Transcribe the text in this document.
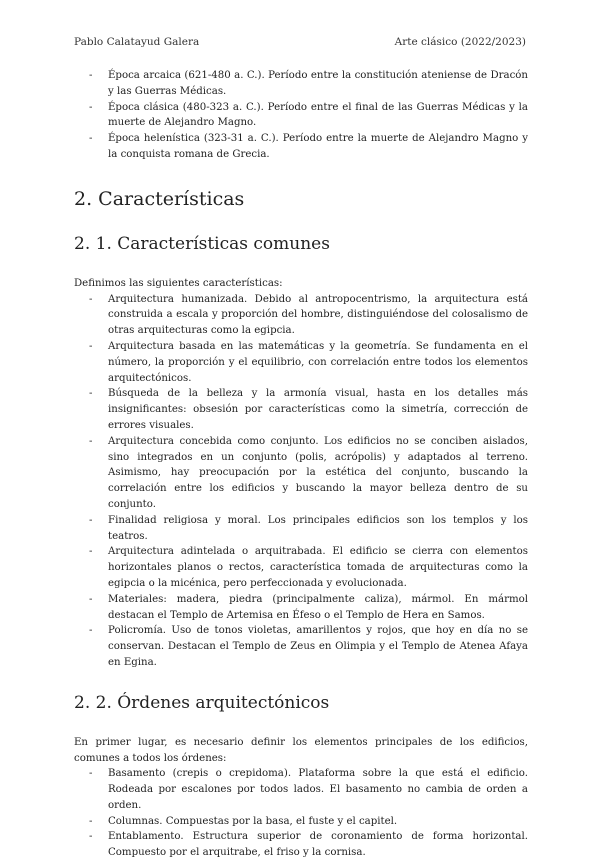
Pablo Calatayud Galera	Arte clásico (2022/2023)
- Época arcaica (621-480 a. C.). Período entre la constitución ateniense de Dracón y las Guerras Médicas.
- Época clásica (480-323 a. C.). Período entre el final de las Guerras Médicas y la muerte de Alejandro Magno.
- Época helenística (323-31 a. C.). Período entre la muerte de Alejandro Magno y la conquista romana de Grecia.
2. Características
2. 1. Características comunes

Definimos las siguientes características:

- Arquitectura humanizada. Debido al antropocentrismo, la arquitectura está construida a escala y proporción del hombre, distinguiéndose del colosalismo de otras arquitecturas como la egipcia.
- Arquitectura basada en las matemáticas y la geometría. Se fundamenta en el número, la proporción y el equilibrio, con correlación entre todos los elementos arquitectónicos.
- Búsqueda de la belleza y la armonía visual, hasta en los detalles más insignificantes: obsesión por características como la simetría, corrección de errores visuales.
- Arquitectura concebida como conjunto. Los edificios no se conciben aislados, sino integrados en un conjunto (polis, acrópolis) y adaptados al terreno. Asimismo, hay preocupación por la estética del conjunto, buscando la correlación entre los edificios y buscando la mayor belleza dentro de su conjunto.
- Finalidad religiosa y moral. Los principales edificios son los templos y los teatros.
- Arquitectura adintelada o arquitrabada. El edificio se cierra con elementos horizontales planos o rectos, característica tomada de arquitecturas como la egipcia o la micénica, pero perfeccionada y evolucionada.
- Materiales: madera, piedra (principalmente caliza), mármol. En mármol destacan el Templo de Artemisa en Éfeso o el Templo de Hera en Samos.
- Policromía. Uso de tonos violetas, amarillentos y rojos, que hoy en día no se conservan. Destacan el Templo de Zeus en Olimpia y el Templo de Atenea Afaya en Egina.
2. 2. Órdenes arquitectónicos

En primer lugar, es necesario definir los elementos principales de los edificios, comunes a todos los órdenes:

- Basamento (crepis o crepidoma). Plataforma sobre la que está el edificio. Rodeada por escalones por todos lados. El basamento no cambia de orden a orden.
- Columnas. Compuestas por la basa, el fuste y el capitel.
- Entablamento. Estructura superior de coronamiento de forma horizontal. Compuesto por el arquitrabe, el friso y la cornisa.
